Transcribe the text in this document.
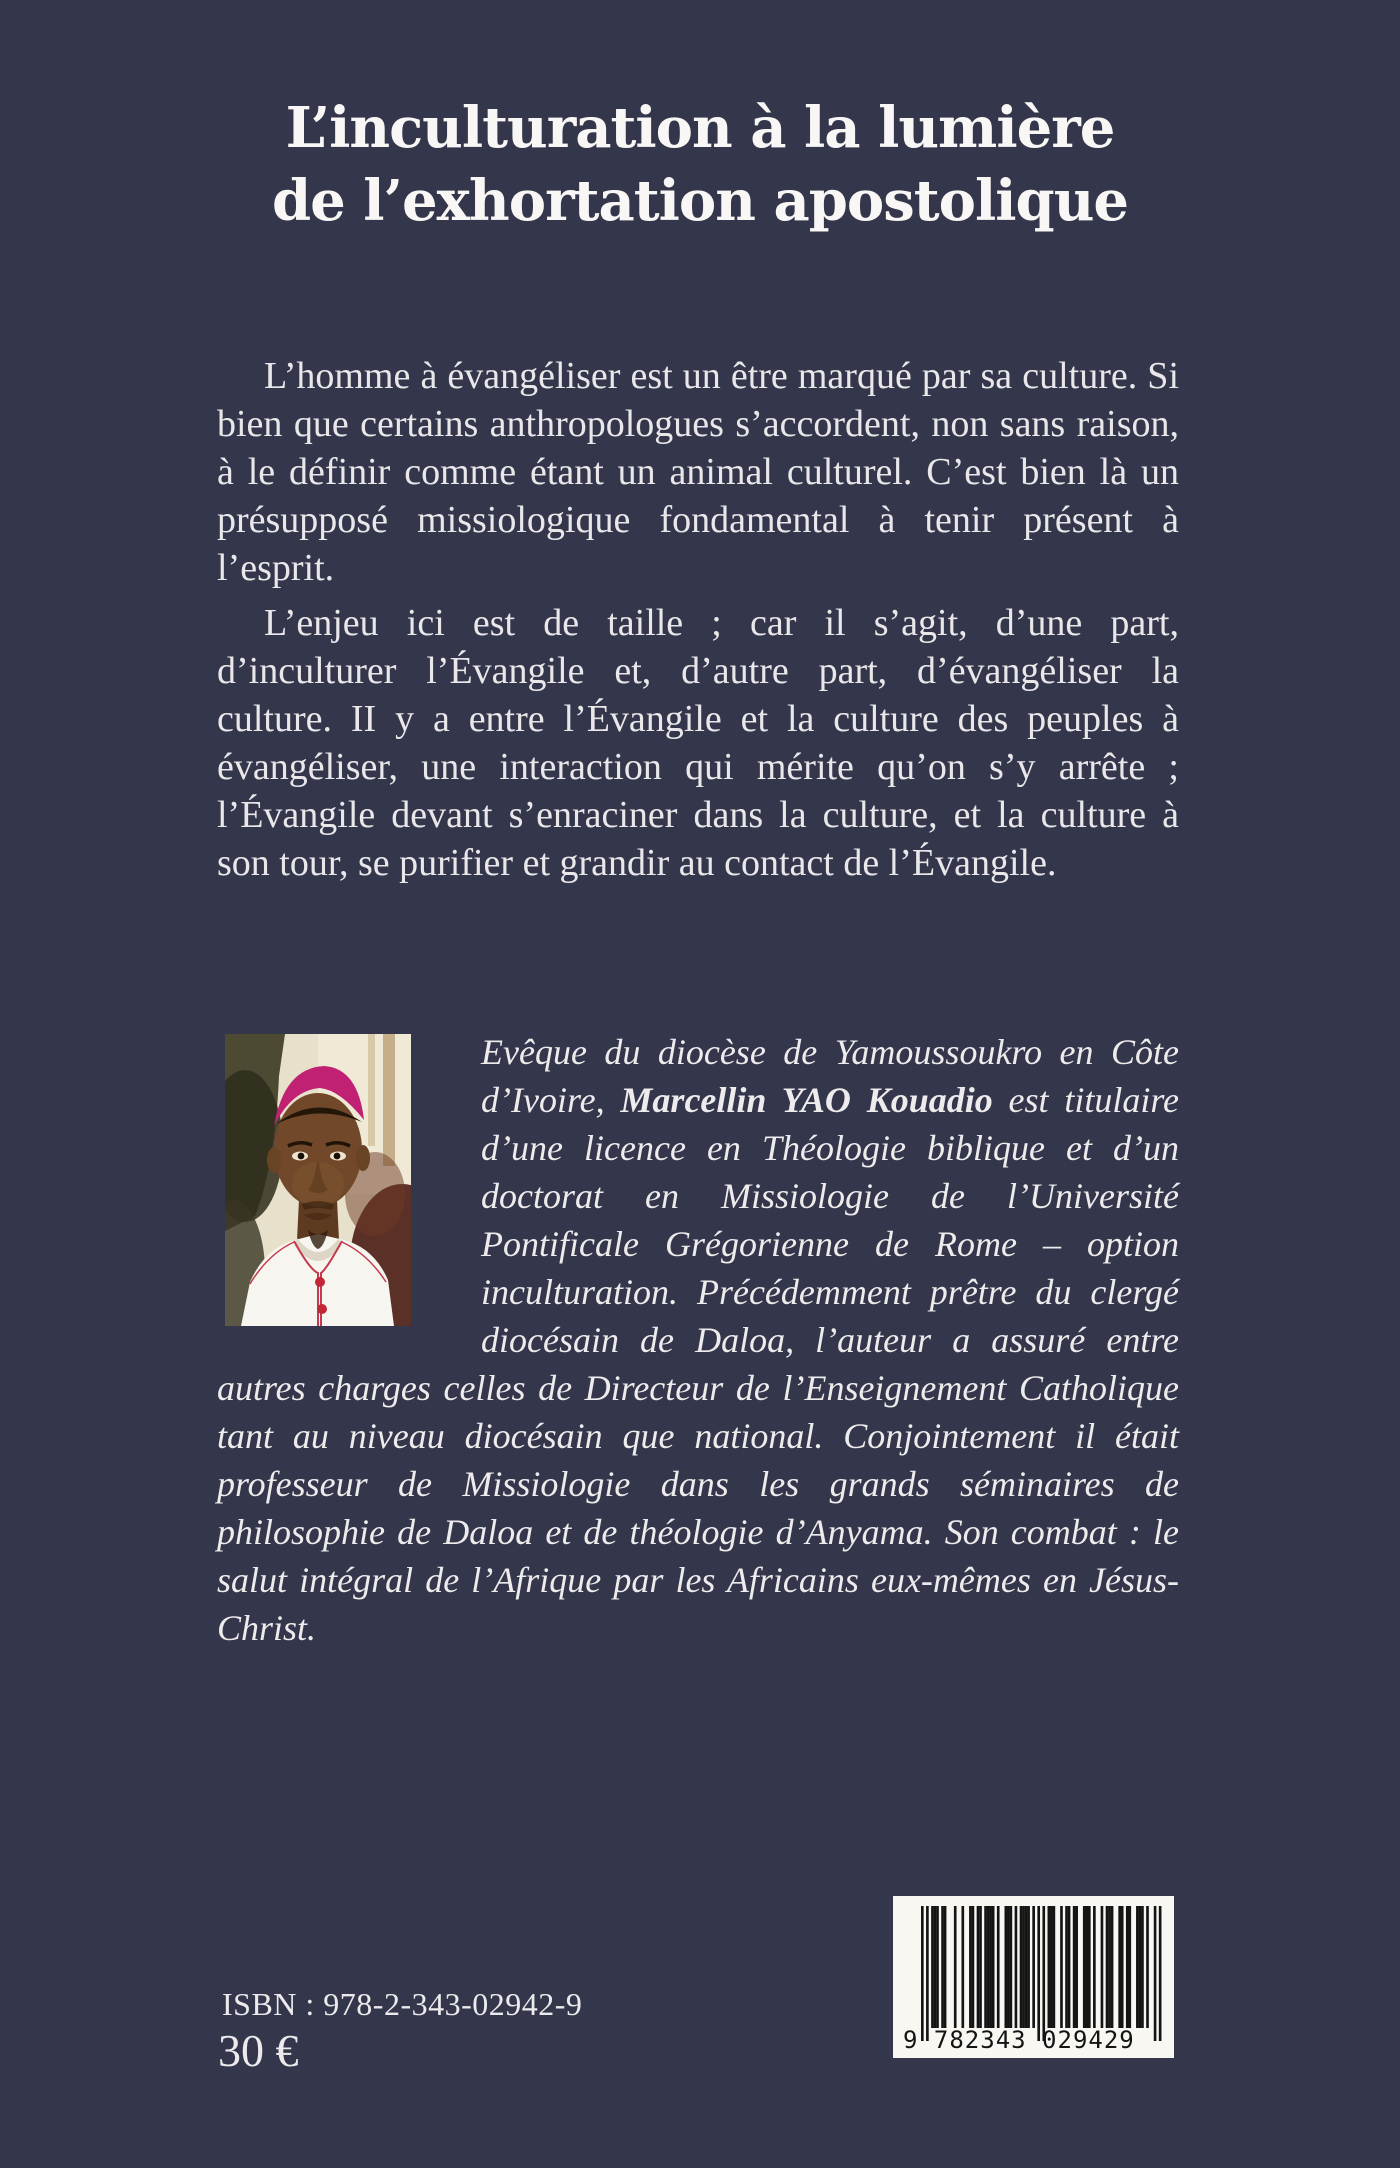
L’inculturation à la lumière
de l’exhortation apostolique

L’homme à évangéliser est un être marqué par sa culture. Si bien que certains anthropologues s’accordent, non sans raison, à le définir comme étant un animal culturel. C’est bien là un présupposé missiologique fondamental à tenir présent à l’esprit.

L’enjeu ici est de taille ; car il s’agit, d’une part, d’inculturer l’Évangile et, d’autre part, d’évangéliser la culture. II y a entre l’Évangile et la culture des peuples à évangéliser, une interaction qui mérite qu’on s’y arrête ; l’Évangile devant s’enraciner dans la culture, et la culture à son tour, se purifier et grandir au contact de l’Évangile.

Evêque du diocèse de Yamoussoukro en Côte d’Ivoire, Marcellin YAO Kouadio est titulaire d’une licence en Théologie biblique et d’un doctorat en Missiologie de l’Université Pontificale Grégorienne de Rome – option inculturation. Précédemment prêtre du clergé diocésain de Daloa, l’auteur a assuré entre autres charges celles de Directeur de l’Enseignement Catholique tant au niveau diocésain que national. Conjointement il était professeur de Missiologie dans les grands séminaires de philosophie de Daloa et de théologie d’Anyama. Son combat : le salut intégral de l’Afrique par les Africains eux-mêmes en Jésus-Christ.
ISBN : 978-2-343-02942-9
30 €	9 782343 029429
